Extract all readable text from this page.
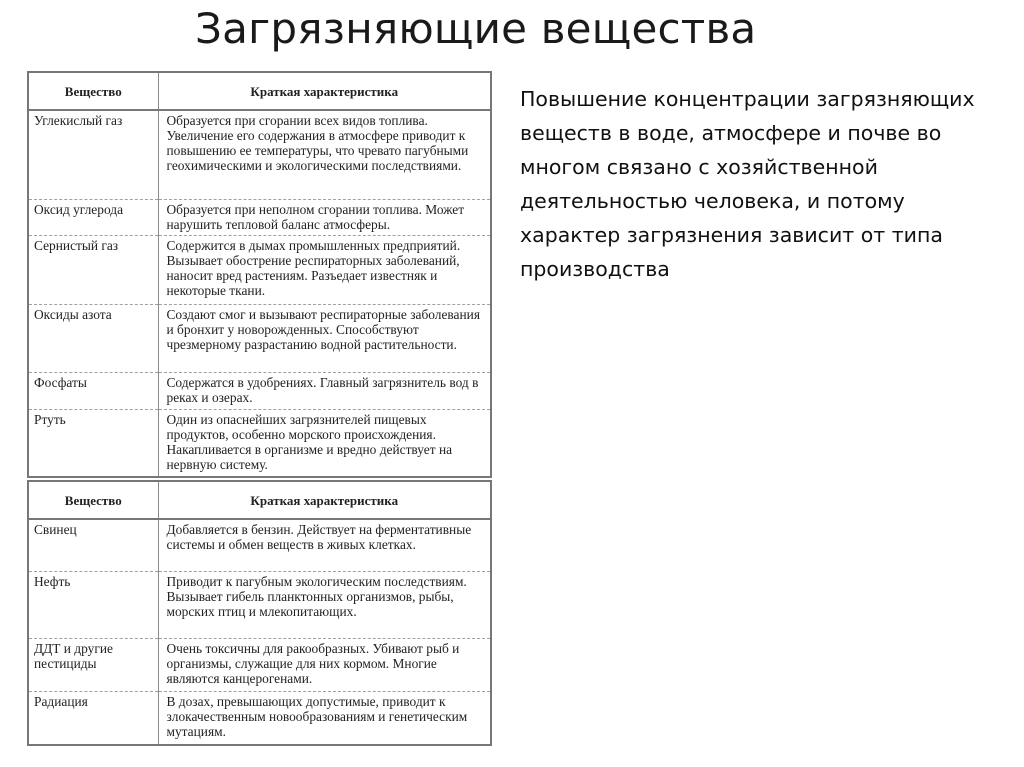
Загрязняющие вещества
Вещество	Краткая характеристика
Углекислый газ	Образуется при сгорании всех видов топлива. Увеличение его содержания в атмосфере приводит к повышению ее температуры, что чревато пагубными геохимическими и экологическими последствиями.
Оксид углерода	Образуется при неполном сгорании топлива. Может нарушить тепловой баланс атмосферы.
Сернистый газ	Содержится в дымах промышленных предприятий. Вызывает обострение респираторных заболеваний, наносит вред растениям. Разъедает известняк и некоторые ткани.
Оксиды азота	Создают смог и вызывают респираторные заболевания и бронхит у новорожденных. Способствуют чрезмерному разрастанию водной растительности.
Фосфаты	Содержатся в удобрениях. Главный загрязнитель вод в реках и озерах.
Ртуть	Один из опаснейших загрязнителей пищевых продуктов, особенно морского происхождения. Накапливается в организме и вредно действует на нервную систему.
Вещество	Краткая характеристика
Свинец	Добавляется в бензин. Действует на ферментативные системы и обмен веществ в живых клетках.
Нефть	Приводит к пагубным экологическим последствиям. Вызывает гибель планктонных организмов, рыбы, морских птиц и млекопитающих.
ДДТ и другие пестициды	Очень токсичны для ракообразных. Убивают рыб и организмы, служащие для них кормом. Многие являются канцерогенами.
Радиация	В дозах, превышающих допустимые, приводит к злокачественным новообразованиям и генетическим мутациям.

Повышение концентрации загрязняющих веществ в воде, атмосфере и почве во многом связано с хозяйственной деятельностью человека, и потому характер загрязнения зависит от типа производства
